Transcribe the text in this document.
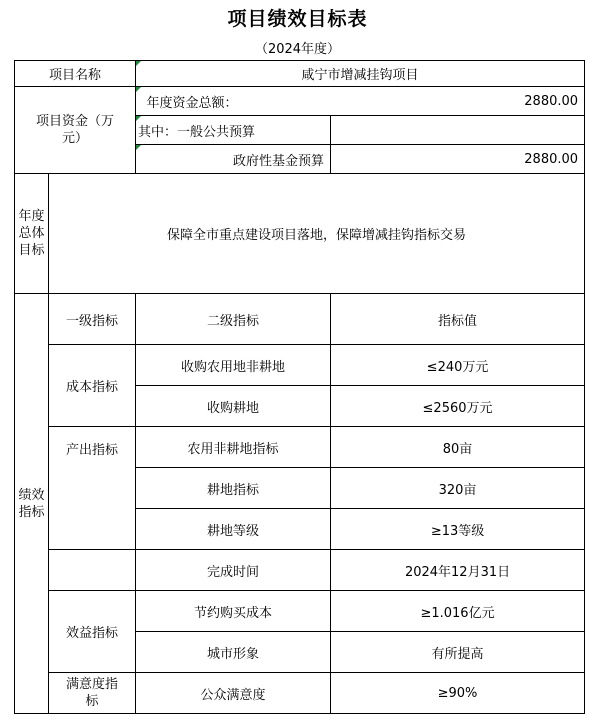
项目绩效目标表
（2024年度）
项目名称		咸宁市增减挂钩项目		

项目资金（万元）			年度资金总额：	2880.00
		其中：一般公共预算		
		政府性基金预算		2880.00
年度总体目标	保障全市重点建设项目落地，保障增减挂钩指标交易			
绩效指标	一级指标	二级指标		指标值
	成本指标	收购农用地非耕地		≤240万元
		收购耕地		≤2560万元
	产出指标	农用非耕地指标		80亩
		耕地指标		320亩
		耕地等级		≥13等级
		完成时间		2024年12月31日
	效益指标	节约购买成本		≥1.016亿元
		城市形象		有所提高

	满意度指标	公众满意度		≥90%
